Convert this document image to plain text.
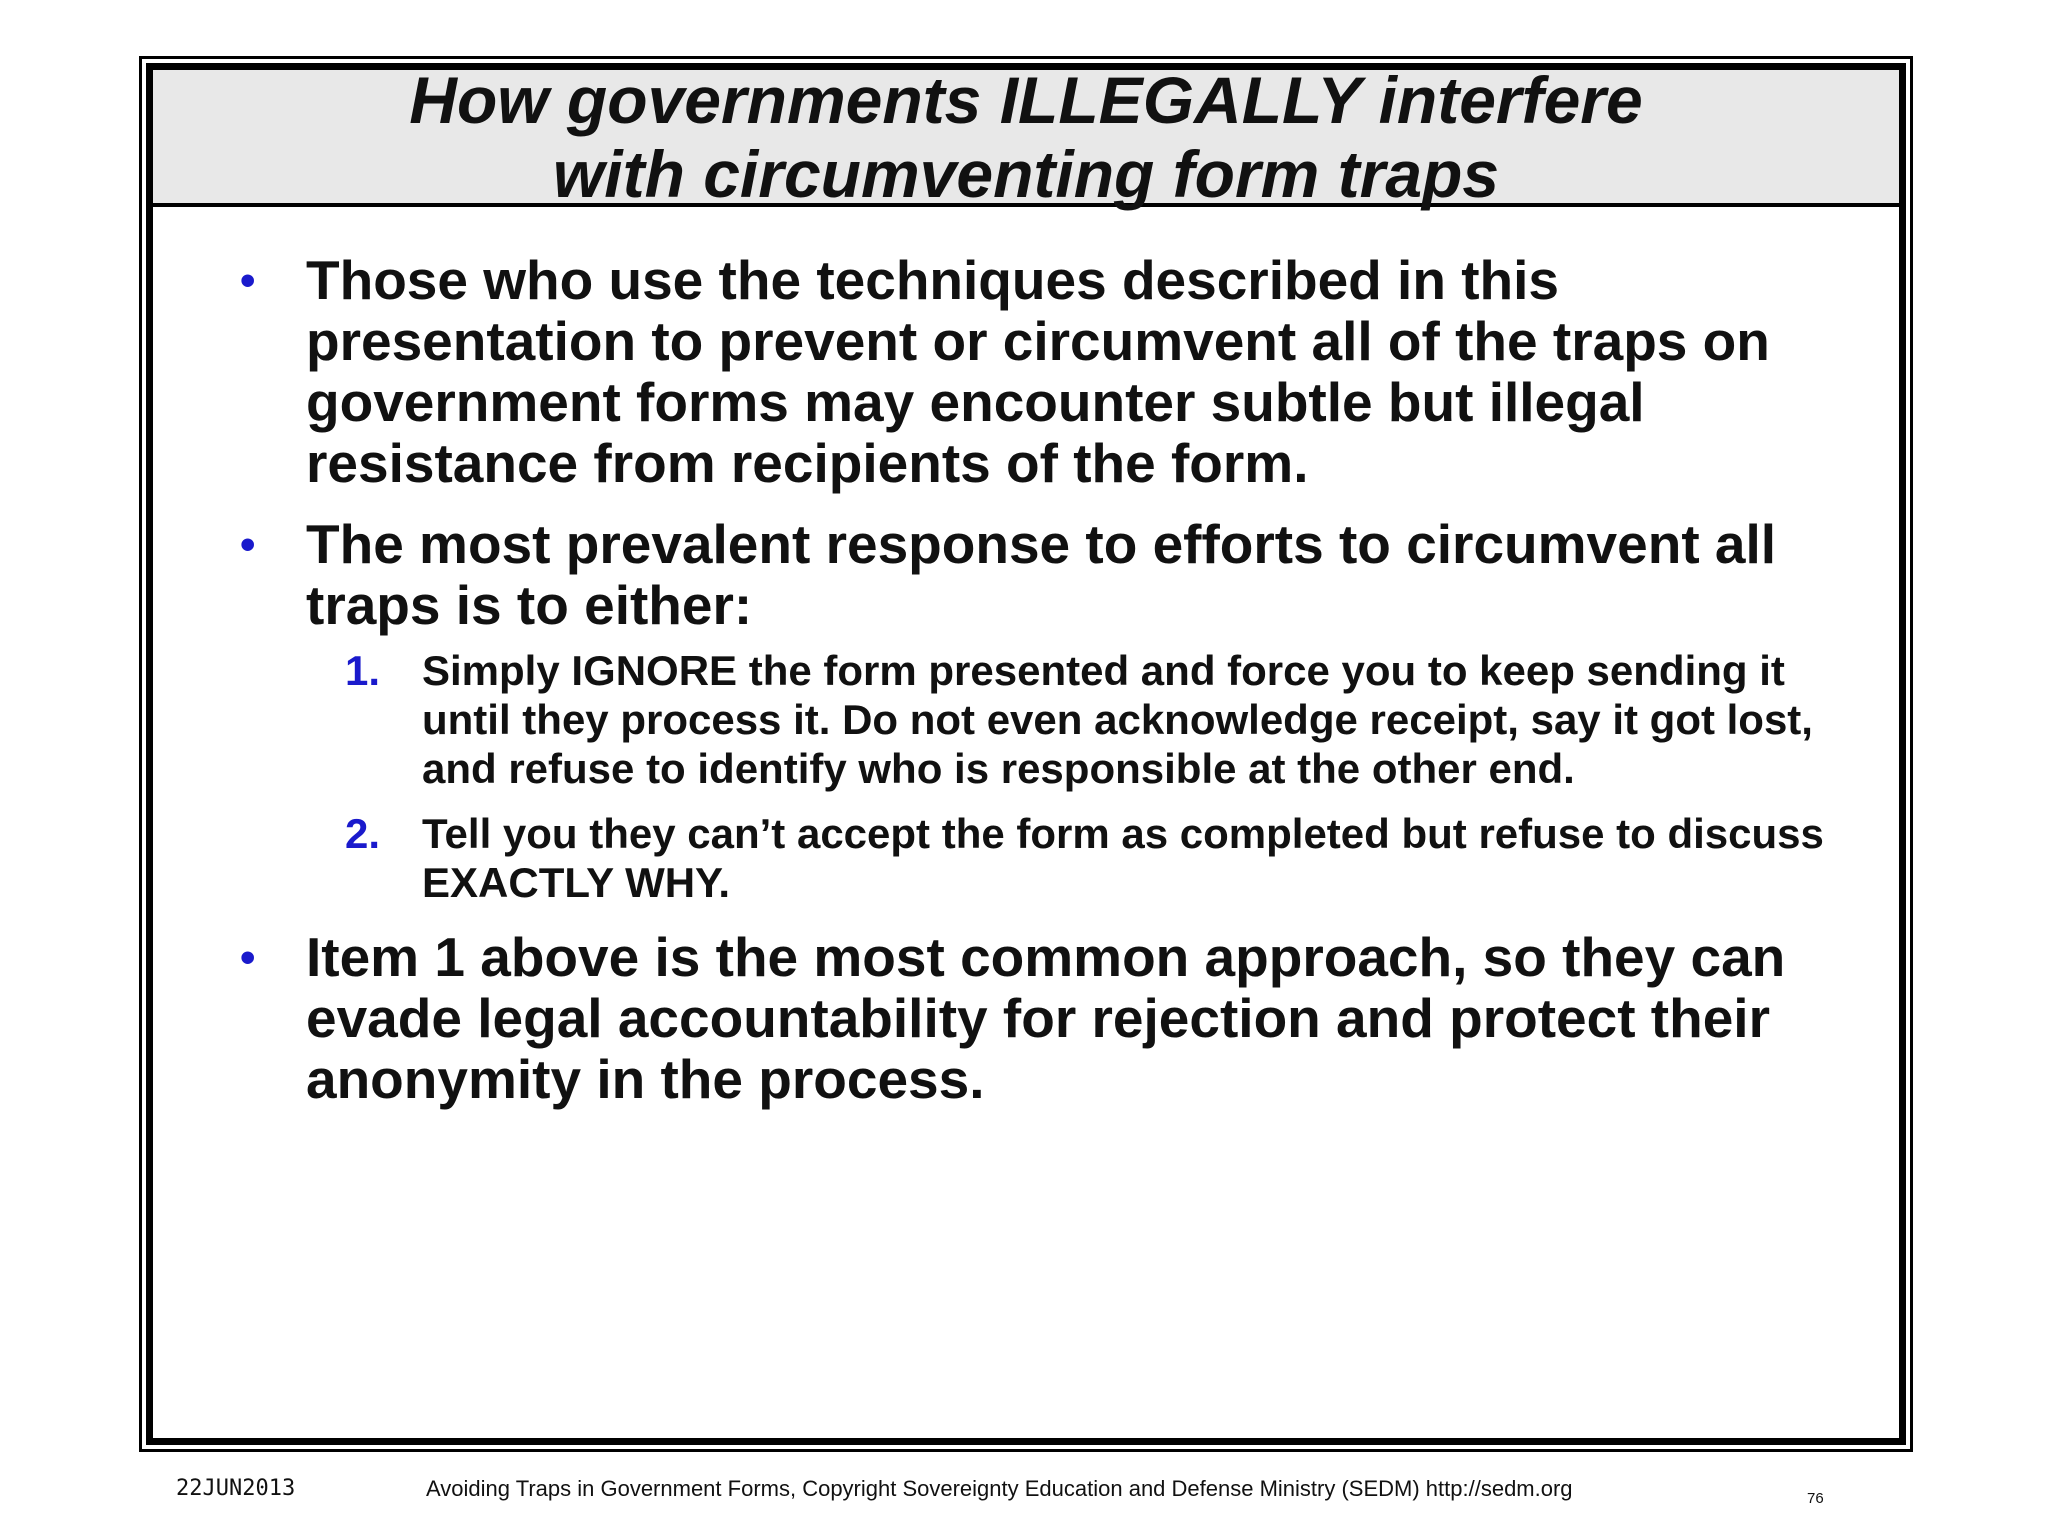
How governments ILLEGALLY interfere
with circumventing form traps
• Those who use the techniques described in this presentation to prevent or circumvent all of the traps on government forms may encounter subtle but illegal resistance from recipients of the form.
• The most prevalent response to efforts to circumvent all traps is to either:
1. Simply IGNORE the form presented and force you to keep sending it until they process it. Do not even acknowledge receipt, say it got lost, and refuse to identify who is responsible at the other end.
2. Tell you they can’t accept the form as completed but refuse to discuss EXACTLY WHY.
• Item 1 above is the most common approach, so they can evade legal accountability for rejection and protect their anonymity in the process.
22JUN2013	Avoiding Traps in Government Forms, Copyright Sovereignty Education and Defense Ministry (SEDM) http://sedm.org	76
